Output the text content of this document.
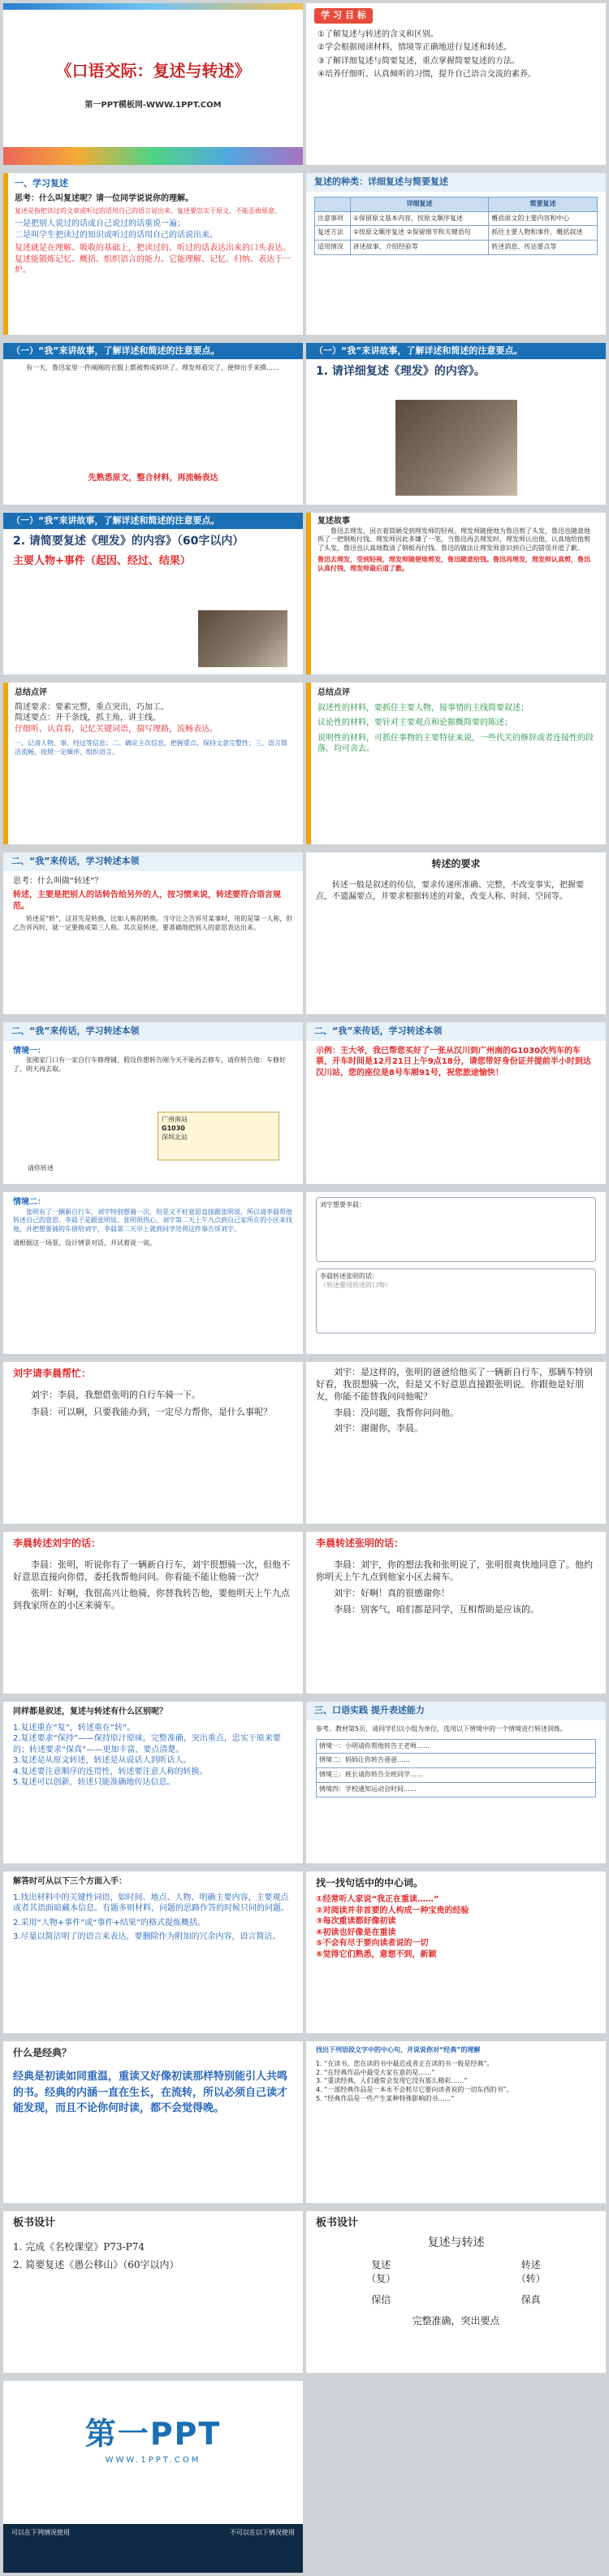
《口语交际：复述与转述》
第一PPT模板网-WWW.1PPT.COM
学 习 目 标
①了解复述与转述的含义和区别。
②学会根据阅读材料，情境等正确地进行复述和转述。
③了解详细复述与简要复述，重点掌握简要复述的方法。
④培养仔细听、认真倾听的习惯，提升自己语言交流的素养。
一、学习复述
思考：什么叫复述呢？请一位同学说说你的理解。
复述是指把读过的文章或听过的话用自己的语言说出来。复述要忠实于原文，不能歪曲原意。
一是把别人说过的话或自己说过的话重说一遍；
二是叫学生把读过的知识或听过的话用自己的话说出来。
复述就是在理解、吸收的基础上，把读过的、听过的话表达出来的口头表达。复述能锻炼记忆、概括、组织语言的能力。它能理解、记忆、归纳、表达于一炉。
复述的种类：详细复述与简要复述
	详细复述	简要复述
注意事项	①保留原文基本内容，按原文顺序复述	概括原文的主要内容和中心
复述方法	①按原文顺序复述 ②保留细节和关键语句	抓住主要人物和事件，概括叙述
适用情况	讲述故事、介绍经验等	转述消息、传达要点等
（一）“我”来讲故事，了解详述和简述的注意要点。
有一天，鲁迅家里一件刚刚的衣服上都被剪成碎块了。理发师看完了，便伸出手来摸……
先熟悉原文，整合材料，再流畅表达
（一）“我”来讲故事，了解详述和简述的注意要点。
1. 请详细复述《理发》的内容》。
（一）“我”来讲故事，了解详述和简述的注意要点。
2. 请简要复述《理发》的内容》（60字以内）
主要人物+事件（起因、经过、结果）
复述故事
鲁迅去理发，因衣着简陋受到理发师的轻视。理发师随便地为鲁迅剪了头发，鲁迅也随意地抓了一把钢板付钱。理发师因此多嫌了一笔，当鲁迅再去理发时，理发师认出他，认真地给他剪了头发，鲁迅也认真地数清了钢板再付钱。鲁迅的做法让理发师意识到自己的错误并道了歉。
鲁迅去理发，受到轻视，理发师随便地剪发，鲁迅随意给钱。鲁迅再理发，理发师认真剪，鲁迅认真付钱，理发师最后道了歉。
总结点评
简述要求：要素完整，重点突出，巧加工。
简述要点：开千条线，抓主角，讲主线。
仔细听，认真看，记忆关键词语，揣写理路，流畅表达。
一、记清人物、事、经过等信息；二、确定主次信息，把握重点，保持文意完整性；三、语言简洁流畅，按照一定顺序，组织语言。
总结点评
叙述性的材料，要抓住主要人物，接事情的主线简要叙述；
议论性的材料，要针对主要观点和论据概简要的陈述；
说明性的材料，可抓住事物的主要特征来说，一些代关的修辞或者连接性的段落，均可舍去。
二、“我”来传话，学习转述本领
思考：什么叫做“转述”？
转述，主要是把别人的话转告给另外的人，按习惯来说，转述要符合语言规范。
转述是“转”，这首先是转换，比如人称的转换。当守让之告诉另某事时，用的是第一人称，但乙告诉丙时，就一定要换成第三人称。其次是转述，要准确地把别人的意思表达出来。
转述的要求
转述一般是叙述的传信，要求传递所准确、完整，不改变事实，把握要点，不遗漏要点，并要求根据转述的对象，改变人称、时间、空间等。
二、“我”来传话，学习转述本领
情境一：
张刚家门口有一家自行车修理铺，假设你想转告刚今天不能再去修车，请你转告他：车修好了，明天再去取。
广州南站
G1030
深圳北站
请你转述
二、“我”来传话，学习转述本领
示例：王大爷，我已帮您买好了一张从汉川到广州南的G1030次列车的车票，开车时间是12月21日上午9点18分，请您带好身份证并提前半小时到达汉川站，您的座位是8号车厢91号，祝您旅途愉快！
情境二：
张明有了一辆新自行车，刘宇特别想骑一次，但是又不好意思直接跟张明说，所以请李晨帮他转述自己的意思。李晨于是跟张明说。张明很热心，刘宇第二天上午九点到自己家所在的小区来找他，并把想要骑的车借给刘宇，李晨第二天早上就到同学处将这件事告诉刘宇。
请根据这一场景，设计情景对话，并试着说一说。
刘宇想要李晨：
李晨转述张明的话：
（转述要用转述的口吻）
刘宇请李晨帮忙：
刘宇：李晨，我想借张明的自行车骑一下。
李晨：可以啊，只要我能办到，一定尽力帮你，是什么事呢？
刘宇：是这样的，张明的爸爸给他买了一辆新自行车，那辆车特别好看，我很想骑一次，但是又不好意思直接跟张明说。你跟他是好朋友，你能不能替我问问他呢？
李晨：没问题，我帮你问问他。
刘宇：谢谢你，李晨。
李晨转述刘宇的话：
李晨：张明，听说你有了一辆新自行车，刘宇很想骑一次，但他不好意思直接向你借，委托我帮他问问。你看能不能让他骑一次？
张明：好啊，我很高兴让他骑，你替我转告他，要他明天上午九点到我家所在的小区来骑车。
李晨转述张明的话：
李晨：刘宇，你的想法我和张明说了，张明很爽快地同意了。他约你明天上午九点到他家小区去骑车。
刘宇：好啊！真的很感谢你！
李晨：别客气，咱们都是同学，互相帮助是应该的。
同样都是叙述，复述与转述有什么区别呢？
1.复述重在“复”，转述重在“转”。
2.复述要求“保持”——保持原汁原味，完整准确，突出重点，忠实于原来要的；转述要求“保真”——更加丰富，要点清楚。
3.复述是从原文转述，转述是从说话人到听话人。
4.复述要注意顺序的连贯性，转述要注意人称的转换。
5.复述可以创新，转述只能准确地传达信息。
三、口语实践 提升表述能力
参考。教材第5页，请同学们以小组为单位，选用以下情境中的一个情境进行转述训练。
情境一：小明请你帮他转告王老师……
情境二：妈妈让你转告爸爸……
情境三：班长请你转告全班同学……
情境四：学校通知运动会时间……
解答时可从以下三个方面入手：
1.找出材料中的关键性词语，如时间、地点、人物、明确主要内容，主要观点或者其语面暗藏本信息。有题多则材料，问题的思路作答的时候只问的问题。
2.采用“人物+事件”或“事件+结果”的格式提炼概括。
3.尽量以简洁明了的语言来表达，要删除作为附加的冗余内容，语言简洁。
找一找句话中的中心词。
①经常听人家说“我正在重读……”
②对阅读并非首要的人构成一种宝贵的经验
③每次重读都好像初读
④初读也好像是在重读
⑤不会有尽于要向读者说的一切
⑥觉得它们熟悉，意想不到，新颖
什么是经典？
经典是初读如同重温，重读又好像初读那样特别能引人共鸣的书。经典的内涵一直在生长，在流转，所以必须自己读才能发现，而且不论你何时读，都不会觉得晚。
找出下列语段文字中的中心句，并说说你对“经典”的理解
1. “在读书，您在读的书中最近或者正在读的书一般是经典”。
2. “在经典作品中最受大家在意的是……”
3. “重读经典，人们通常会发现它没有那么精彩……”
4. “一部经典作品是一本永不会耗尽它要向读者说的一切东西的书”。
5. “经典作品是一些产生某种特殊影响的书……”
板书设计
1. 完成《名校课堂》P73-P74
2. 简要复述《愚公移山》（60字以内）
板书设计
复述与转述
复述	转述
（复）	（转）
保信	保真
完整准确，突出要点
第一PPT
WWW.1PPT.COM
可以在下列情况使用	不可以在以下情况使用
